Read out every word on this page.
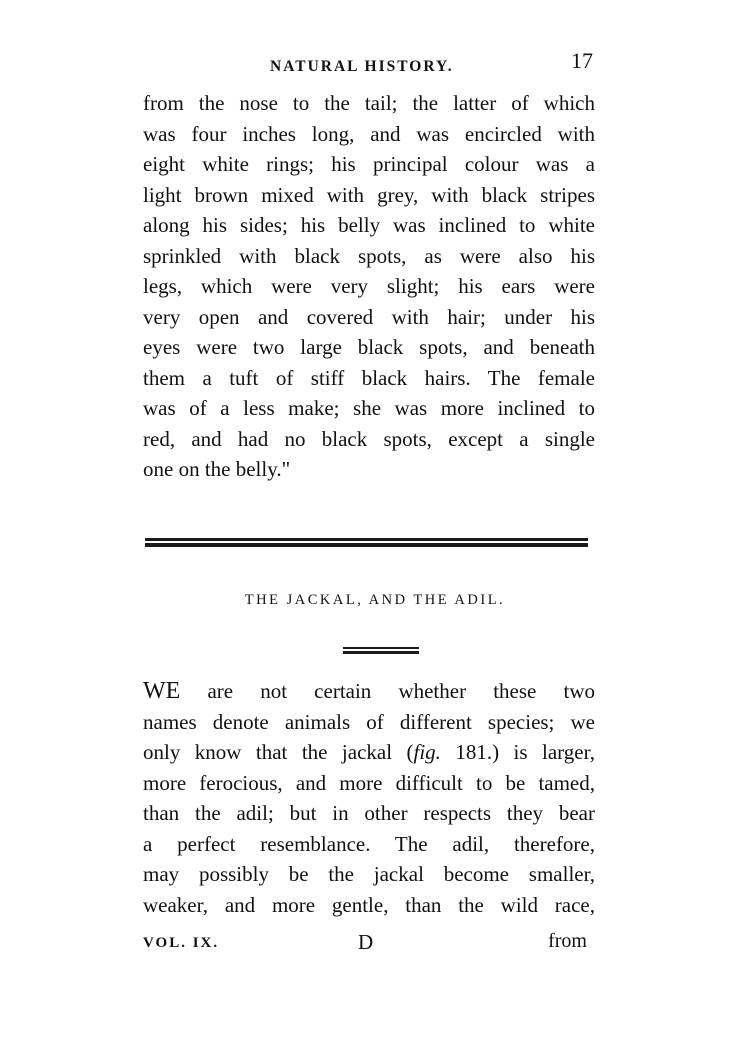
NATURAL HISTORY.	17
from the nose to the tail; the latter of which
was four inches long, and was encircled with
eight white rings; his principal colour was a
light brown mixed with grey, with black stripes
along his sides; his belly was inclined to white
sprinkled with black spots, as were also his
legs, which were very slight; his ears were
very open and covered with hair; under his
eyes were two large black spots, and beneath
them a tuft of stiff black hairs. The female
was of a less make; she was more inclined to
red, and had no black spots, except a single
one on the belly."
THE JACKAL, AND THE ADIL.
WE are not certain whether these two
names denote animals of different species; we
only know that the jackal (fig. 181.) is larger,
more ferocious, and more difficult to be tamed,
than the adil; but in other respects they bear
a perfect resemblance. The adil, therefore,
may possibly be the jackal become smaller,
weaker, and more gentle, than the wild race,
VOL. IX.	D	from
